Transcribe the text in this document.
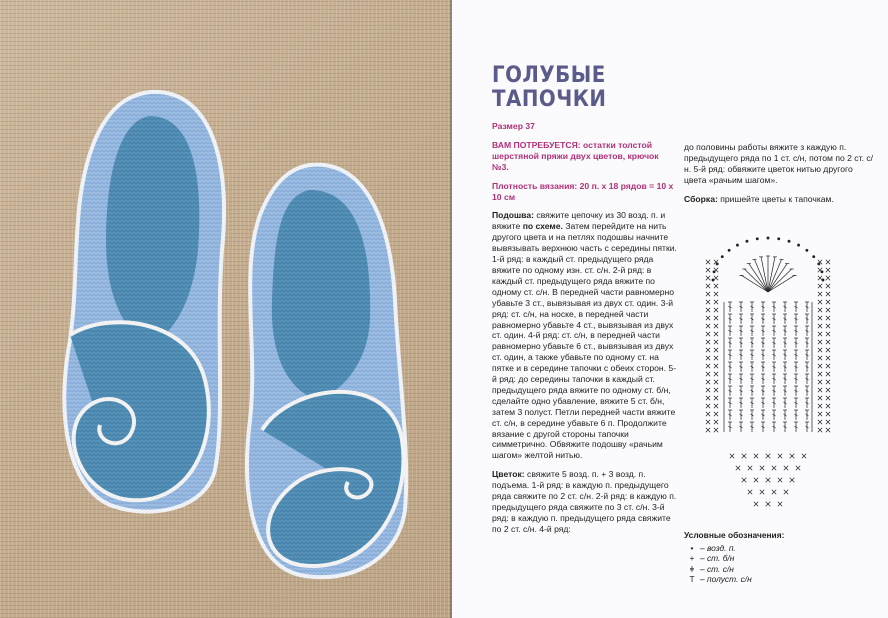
ГОЛУБЫЕ
ТАПОЧКИ

Размер 37

ВАМ ПОТРЕБУЕТСЯ: остатки толстой шерстяной пряжи двух цветов, крючок №3.

Плотность вязания: 20 п. х 18 рядов = 10 х 10 см

Подошва: свяжите цепочку из 30 возд. п. и вяжите по схеме. Затем перейдите на нить другого цвета и на петлях подошвы начните вывязывать верхнюю часть с середины пятки. 1-й ряд: в каждый ст. предыдущего ряда вяжите по одному изн. ст. с/н. 2-й ряд: в каждый ст. предыдущего ряда вяжите по одному ст. с/н. В передней части равномерно убавьте 3 ст., вывязывая из двух ст. один. 3-й ряд: ст. с/н, на носке, в передней части равномерно убавьте 4 ст., вывязывая из двух ст. один. 4-й ряд: ст. с/н, в передней части равномерно убавьте 6 ст., вывязывая из двух ст. один, а также убавьте по одному ст. на пятке и в середине тапочки с обеих сторон. 5-й ряд: до середины тапочки в каждый ст. предыдущего ряда вяжите по одному ст. б/н, сделайте одно убавление, вяжите 5 ст. б/н, затем 3 полуст. Петли передней части вяжите ст. с/н, в середине убавьте 6 п. Продолжите вязание с другой стороны тапочки симметрично. Обвяжите подошву «рачьим шагом» желтой нитью.

Цветок: свяжите 5 возд. п. + 3 возд. п. подъема. 1-й ряд: в каждую п. предыдущего ряда свяжите по 2 ст. с/н. 2-й ряд: в каждую п. предыдущего ряда свяжите по 3 ст. с/н. 3-й ряд: в каждую п. предыдущего ряда свяжите по 2 ст. с/н. 4-й ряд:

до половины работы вяжите з каждую п. предыдущего ряда по 1 ст. с/н, потом по 2 ст. с/н. 5-й ряд: обвяжите цветок нитью другого цвета «рачьим шагом».

Сборка: пришейте цветы к тапочкам.

Условные обозначения:
• – возд. п.
+ – ст. б/н
ǂ – ст. с/н
Т – полуст. с/н
